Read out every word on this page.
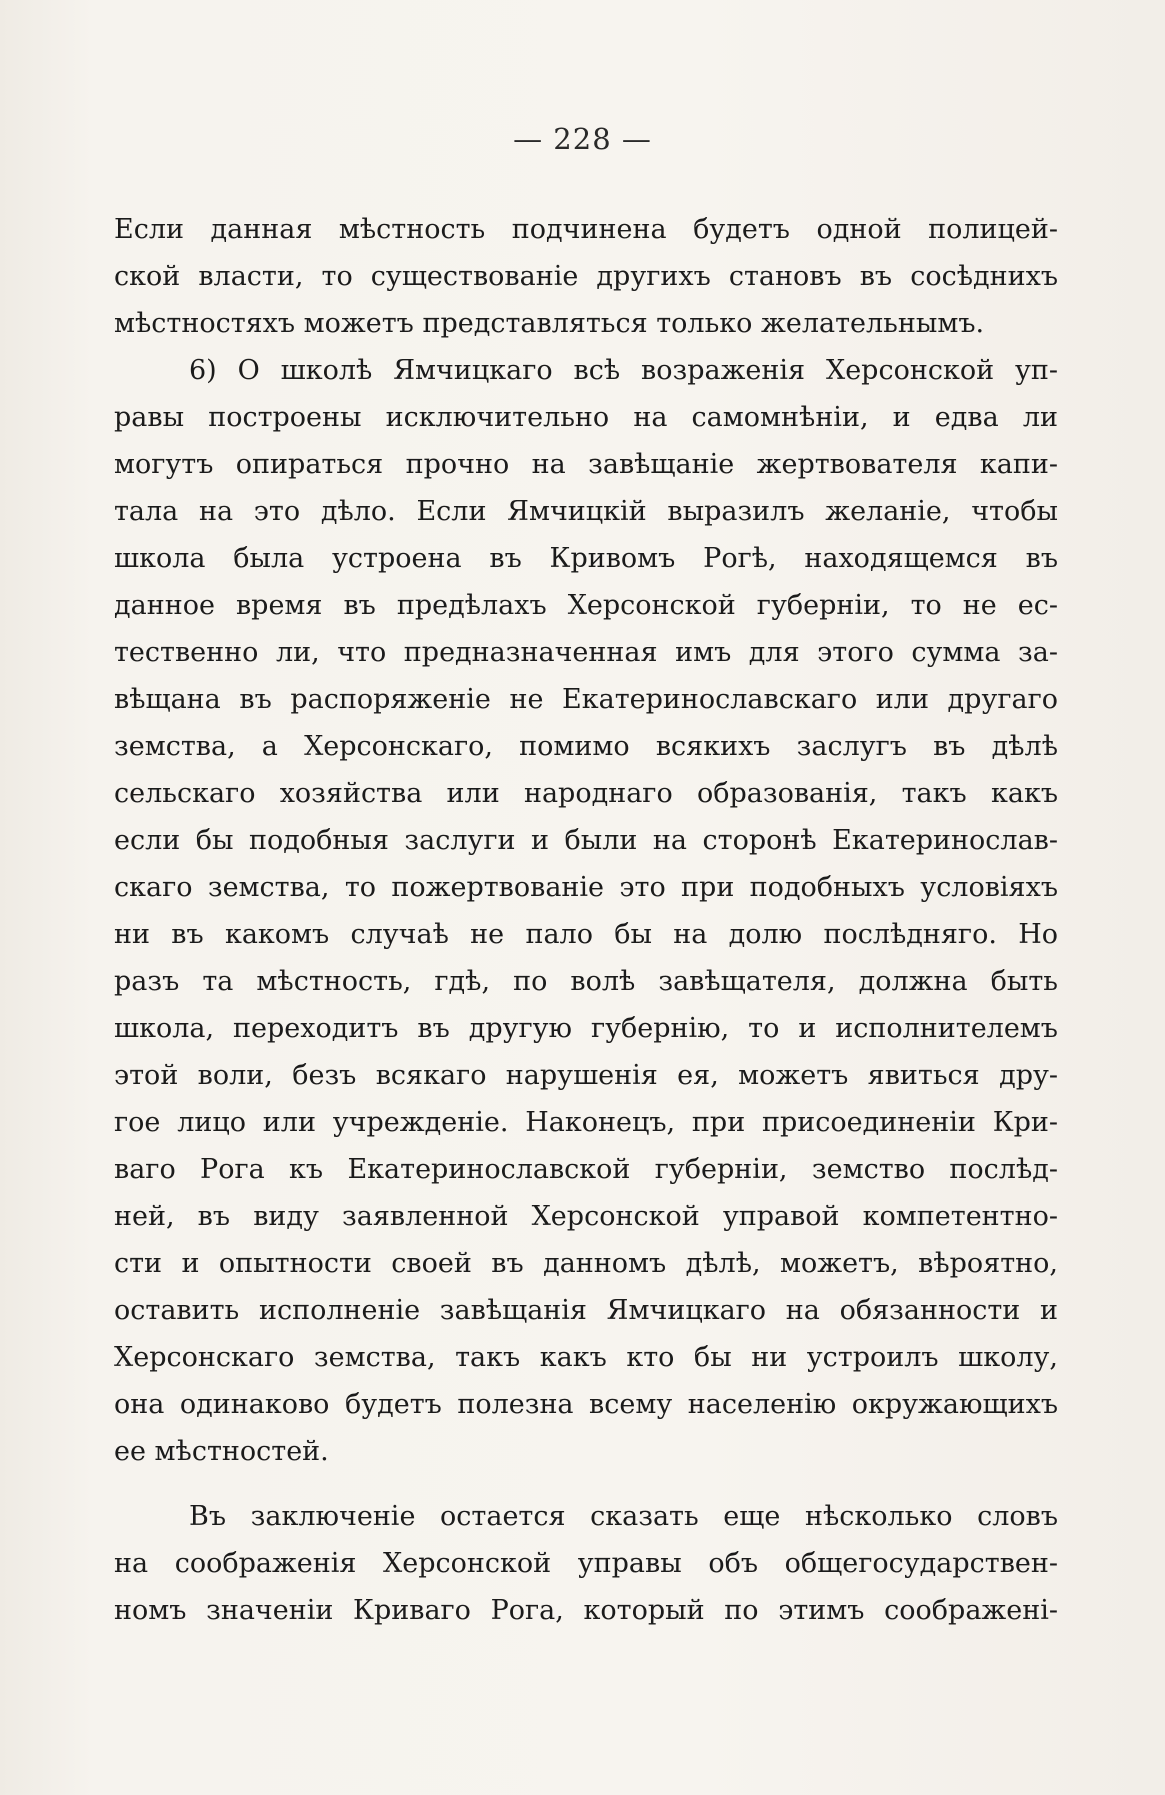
— 228 —
Если данная мѣстность подчинена будетъ одной полицей-
ской власти, то существованіе другихъ становъ въ сосѣднихъ
мѣстностяхъ можетъ представляться только желательнымъ.
6) О школѣ Ямчицкаго всѣ возраженія Херсонской уп-
равы построены исключительно на самомнѣніи, и едва ли
могутъ опираться прочно на завѣщаніе жертвователя капи-
тала на это дѣло. Если Ямчицкій выразилъ желаніе, чтобы
школа была устроена въ Кривомъ Рогѣ, находящемся въ
данное время въ предѣлахъ Херсонской губерніи, то не ес-
тественно ли, что предназначенная имъ для этого сумма за-
вѣщана въ распоряженіе не Екатеринославскаго или другаго
земства, а Херсонскаго, помимо всякихъ заслугъ въ дѣлѣ
сельскаго хозяйства или народнаго образованія, такъ какъ
если бы подобныя заслуги и были на сторонѣ Екатеринослав-
скаго земства, то пожертвованіе это при подобныхъ условіяхъ
ни въ какомъ случаѣ не пало бы на долю послѣдняго. Но
разъ та мѣстность, гдѣ, по волѣ завѣщателя, должна быть
школа, переходитъ въ другую губернію, то и исполнителемъ
этой воли, безъ всякаго нарушенія ея, можетъ явиться дру-
гое лицо или учрежденіе. Наконецъ, при присоединеніи Кри-
ваго Рога къ Екатеринославской губерніи, земство послѣд-
ней, въ виду заявленной Херсонской управой компетентно-
сти и опытности своей въ данномъ дѣлѣ, можетъ, вѣроятно,
оставить исполненіе завѣщанія Ямчицкаго на обязанности и
Херсонскаго земства, такъ какъ кто бы ни устроилъ школу,
она одинаково будетъ полезна всему населенію окружающихъ
ее мѣстностей.
Въ заключеніе остается сказать еще нѣсколько словъ
на соображенія Херсонской управы объ общегосударствен-
номъ значеніи Криваго Рога, который по этимъ соображені-
